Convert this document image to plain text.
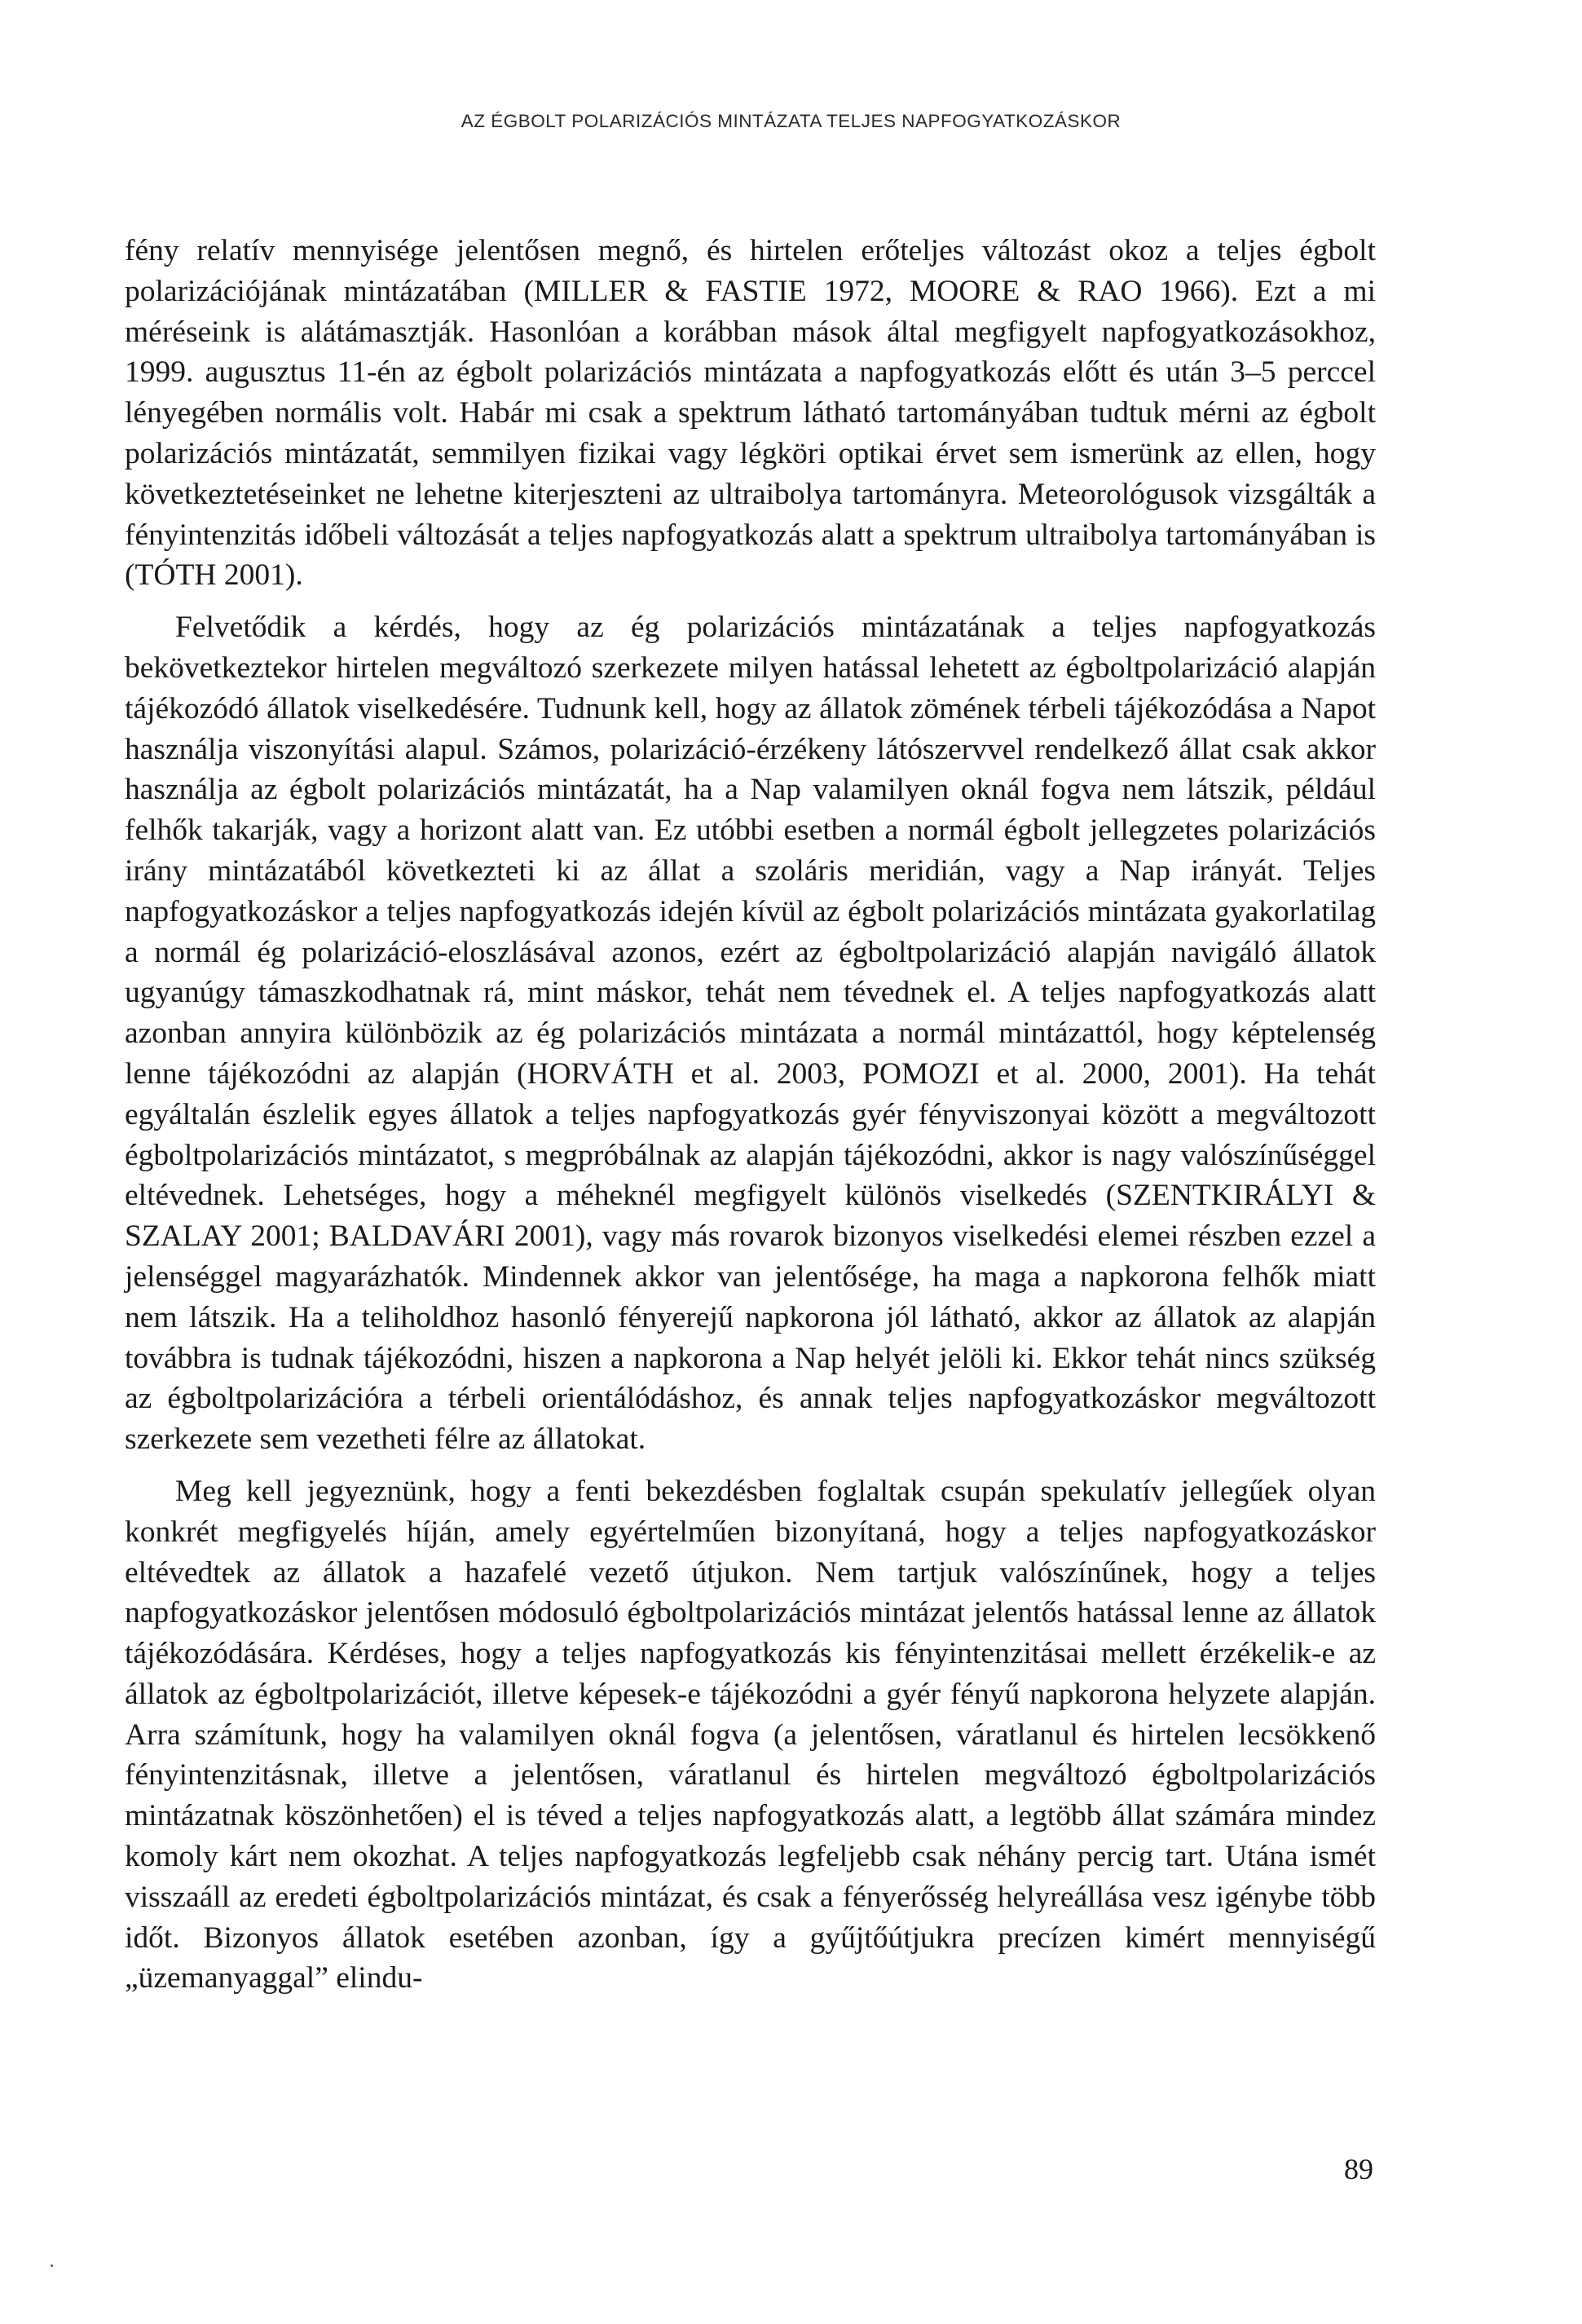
AZ ÉGBOLT POLARIZÁCIÓS MINTÁZATA TELJES NAPFOGYATKOZÁSKOR

fény relatív mennyisége jelentősen megnő, és hirtelen erőteljes változást okoz a teljes égbolt polarizációjának mintázatában (MILLER & FASTIE 1972, MOORE & RAO 1966). Ezt a mi méréseink is alátámasztják. Hasonlóan a korábban mások által megfigyelt napfogyatkozásokhoz, 1999. augusztus 11-én az égbolt polarizációs mintázata a napfogyatkozás előtt és után 3–5 perccel lényegében normális volt. Habár mi csak a spektrum látható tartományában tudtuk mérni az égbolt polarizációs mintázatát, semmilyen fizikai vagy légköri optikai érvet sem ismerünk az ellen, hogy következtetéseinket ne lehetne kiterjeszteni az ultraibolya tartományra. Meteorológusok vizsgálták a fényintenzitás időbeli változását a teljes napfogyatkozás alatt a spektrum ultraibolya tartományában is (TÓTH 2001).

Felvetődik a kérdés, hogy az ég polarizációs mintázatának a teljes napfogyatkozás bekövetkeztekor hirtelen megváltozó szerkezete milyen hatással lehetett az égboltpolarizáció alapján tájékozódó állatok viselkedésére. Tudnunk kell, hogy az állatok zömének térbeli tájékozódása a Napot használja viszonyítási alapul. Számos, polarizáció-érzékeny látószervvel rendelkező állat csak akkor használja az égbolt polarizációs mintázatát, ha a Nap valamilyen oknál fogva nem látszik, például felhők takarják, vagy a horizont alatt van. Ez utóbbi esetben a normál égbolt jellegzetes polarizációs irány mintázatából következteti ki az állat a szoláris meridián, vagy a Nap irányát. Teljes napfogyatkozáskor a teljes napfogyatkozás idején kívül az égbolt polarizációs mintázata gyakorlatilag a normál ég polarizáció-eloszlásával azonos, ezért az égboltpolarizáció alapján navigáló állatok ugyanúgy támaszkodhatnak rá, mint máskor, tehát nem tévednek el. A teljes napfogyatkozás alatt azonban annyira különbözik az ég polarizációs mintázata a normál mintázattól, hogy képtelenség lenne tájékozódni az alapján (HORVÁTH et al. 2003, POMOZI et al. 2000, 2001). Ha tehát egyáltalán észlelik egyes állatok a teljes napfogyatkozás gyér fényviszonyai között a megváltozott égboltpolarizációs mintázatot, s megpróbálnak az alapján tájékozódni, akkor is nagy valószínűséggel eltévednek. Lehetséges, hogy a méheknél megfigyelt különös viselkedés (SZENTKIRÁLYI & SZALAY 2001; BALDAVÁRI 2001), vagy más rovarok bizonyos viselkedési elemei részben ezzel a jelenséggel magyarázhatók. Mindennek akkor van jelentősége, ha maga a napkorona felhők miatt nem látszik. Ha a teliholdhoz hasonló fényerejű napkorona jól látható, akkor az állatok az alapján továbbra is tudnak tájékozódni, hiszen a napkorona a Nap helyét jelöli ki. Ekkor tehát nincs szükség az égboltpolarizációra a térbeli orientálódáshoz, és annak teljes napfogyatkozáskor megváltozott szerkezete sem vezetheti félre az állatokat.

Meg kell jegyeznünk, hogy a fenti bekezdésben foglaltak csupán spekulatív jellegűek olyan konkrét megfigyelés híján, amely egyértelműen bizonyítaná, hogy a teljes napfogyatkozáskor eltévedtek az állatok a hazafelé vezető útjukon. Nem tartjuk valószínűnek, hogy a teljes napfogyatkozáskor jelentősen módosuló égboltpolarizációs mintázat jelentős hatással lenne az állatok tájékozódására. Kérdéses, hogy a teljes napfogyatkozás kis fényintenzitásai mellett érzékelik-e az állatok az égboltpolarizációt, illetve képesek-e tájékozódni a gyér fényű napkorona helyzete alapján. Arra számítunk, hogy ha valamilyen oknál fogva (a jelentősen, váratlanul és hirtelen lecsökkenő fényintenzitásnak, illetve a jelentősen, váratlanul és hirtelen megváltozó égboltpolarizációs mintázatnak köszönhetően) el is téved a teljes napfogyatkozás alatt, a legtöbb állat számára mindez komoly kárt nem okozhat. A teljes napfogyatkozás legfeljebb csak néhány percig tart. Utána ismét visszaáll az eredeti égboltpolarizációs mintázat, és csak a fényerősség helyreállása vesz igénybe több időt. Bizonyos állatok esetében azonban, így a gyűjtőútjukra precízen kimért mennyiségű „üzemanyaggal” elindu-

89
